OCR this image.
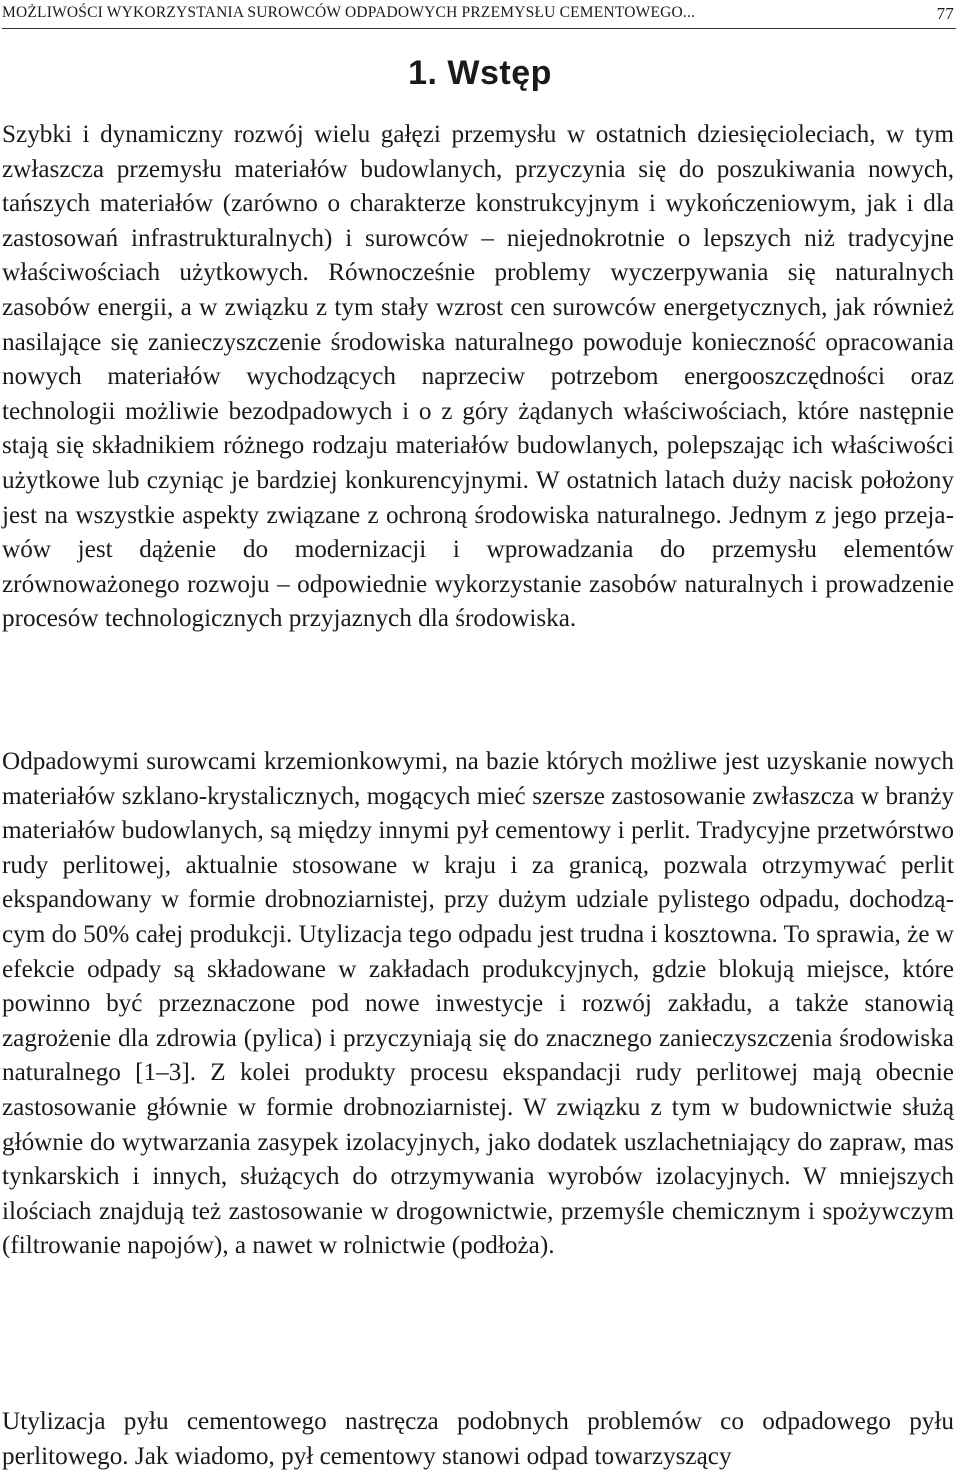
MOŻLIWOŚCI WYKORZYSTANIA SUROWCÓW ODPADOWYCH PRZEMYSŁU CEMENTOWEGO...	77
1. Wstęp

Szybki i dynamiczny rozwój wielu gałęzi przemysłu w ostatnich dziesięcioleciach, w tym zwłaszcza przemysłu materiałów budowlanych, przyczynia się do poszukiwania nowych, tańszych materiałów (zarówno o charakterze konstrukcyjnym i wykończeniowym, jak i dla zastosowań infrastrukturalnych) i surowców – niejednokrotnie o lepszych niż tradycyjne właściwościach użytkowych. Równocześnie problemy wyczerpywania się naturalnych zasobów energii, a w związku z tym stały wzrost cen surowców energetycznych, jak również nasilające się zanieczyszczenie środowiska naturalnego powoduje konieczność opracowania nowych materiałów wychodzących naprzeciw potrzebom energooszczędności oraz technologii możliwie bezodpadowych i o z góry żądanych właściwościach, które następnie stają się składnikiem różnego rodzaju materiałów budowlanych, polepszając ich właściwości użytkowe lub czyniąc je bardziej konkurencyjnymi. W ostatnich latach duży nacisk położony jest na wszystkie aspekty związane z ochroną środowiska naturalnego. Jednym z jego przejawów jest dążenie do modernizacji i wprowadzania do przemysłu elementów zrównoważonego rozwoju – odpowiednie wykorzystanie zasobów naturalnych i prowadzenie procesów technologicznych przyjaznych dla środowiska.

Odpadowymi surowcami krzemionkowymi, na bazie których możliwe jest uzyskanie nowych materiałów szklano-krystalicznych, mogących mieć szersze zastosowanie zwłaszcza w branży materiałów budowlanych, są między innymi pył cementowy i perlit. Tradycyjne przetwórstwo rudy perlitowej, aktualnie stosowane w kraju i za granicą, pozwala otrzymywać perlit ekspandowany w formie drobnoziarnistej, przy dużym udziale pylistego odpadu, dochodzącym do 50% całej produkcji. Utylizacja tego odpadu jest trudna i kosztowna. To sprawia, że w efekcie odpady są składowane w zakładach produkcyjnych, gdzie blokują miejsce, które powinno być przeznaczone pod nowe inwestycje i rozwój zakładu, a także stanowią zagrożenie dla zdrowia (pylica) i przyczyniają się do znacznego zanieczyszczenia środowiska naturalnego [1–3]. Z kolei produkty procesu ekspandacji rudy perlitowej mają obecnie zastosowanie głównie w formie drobnoziarnistej. W związku z tym w budownictwie służą głównie do wytwarzania zasypek izolacyjnych, jako dodatek uszlachetniający do zapraw, mas tynkarskich i innych, służących do otrzymywania wyrobów izolacyjnych. W mniejszych ilościach znajdują też zastosowanie w drogownictwie, przemyśle chemicznym i spożywczym (filtrowanie napojów), a nawet w rolnictwie (podłoża).

Utylizacja pyłu cementowego nastręcza podobnych problemów co odpadowego pyłu perlitowego. Jak wiadomo, pył cementowy stanowi odpad towarzyszący
